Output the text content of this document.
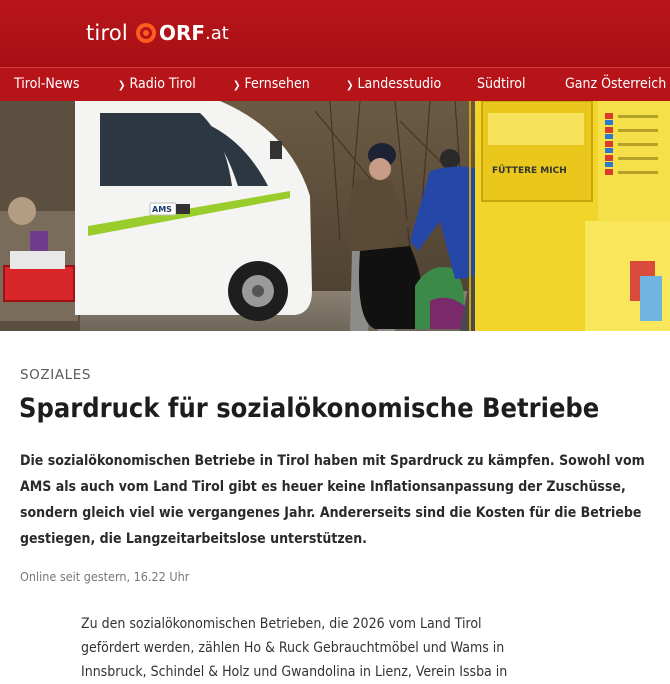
tirol ORF .at
Tirol-News	❯ Radio Tirol	❯ Fernsehen	❯ Landesstudio	Südtirol	Ganz Österreich
AMS
FÜTTERE MICH
SOZIALES
Spardruck für sozialökonomische Betriebe

Die sozialökonomischen Betriebe in Tirol haben mit Spardruck zu kämpfen. Sowohl vom AMS als auch vom Land Tirol gibt es heuer keine Inflationsanpassung der Zuschüsse, sondern gleich viel wie vergangenes Jahr. Andererseits sind die Kosten für die Betriebe gestiegen, die Langzeitarbeitslose unterstützen.

Online seit gestern, 16.22 Uhr
Zu den sozialökonomischen Betrieben, die 2026 vom Land Tirol
gefördert werden, zählen Ho & Ruck Gebrauchtmöbel und Wams in
Innsbruck, Schindel & Holz und Gwandolina in Lienz, Verein Issba in
